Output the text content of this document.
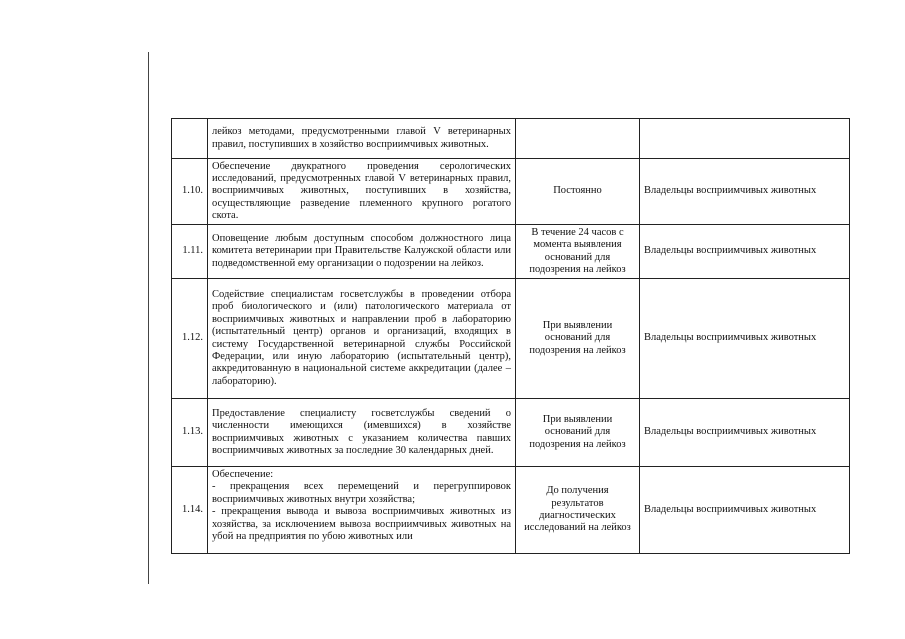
	лейкоз методами, предусмотренными главой V ветеринарных правил, поступивших в хозяйство восприимчивых животных.		
1.10.	Обеспечение двукратного проведения серологических исследований, предусмотренных главой V ветеринарных правил, восприимчивых животных, поступивших в хозяйства, осуществляющие разведение племенного крупного рогатого скота.	Постоянно	Владельцы восприимчивых животных
1.11.	Оповещение любым доступным способом должностного лица комитета ветеринарии при Правительстве Калужской области или подведомственной ему организации о подозрении на лейкоз.	В течение 24 часов с момента выявления оснований для подозрения на лейкоз	Владельцы восприимчивых животных
1.12.	Содействие специалистам госветслужбы в проведении отбора проб биологического и (или) патологического материала от восприимчивых животных и направлении проб в лабораторию (испытательный центр) органов и организаций, входящих в систему Государственной ветеринарной службы Российской Федерации, или иную лабораторию (испытательный центр), аккредитованную в национальной системе аккредитации (далее – лабораторию).	При выявлении оснований для подозрения на лейкоз	Владельцы восприимчивых животных
1.13.	Предоставление специалисту госветслужбы сведений о численности имеющихся (имевшихся) в хозяйстве восприимчивых животных с указанием количества павших восприимчивых животных за последние 30 календарных дней.	При выявлении оснований для подозрения на лейкоз	Владельцы восприимчивых животных
1.14.	Обеспечение:
- прекращения всех перемещений и перегруппировок восприимчивых животных внутри хозяйства;
- прекращения вывода и вывоза восприимчивых животных из хозяйства, за исключением вывоза восприимчивых животных на убой на предприятия по убою животных или	До получения результатов диагностических исследований на лейкоз	Владельцы восприимчивых животных
